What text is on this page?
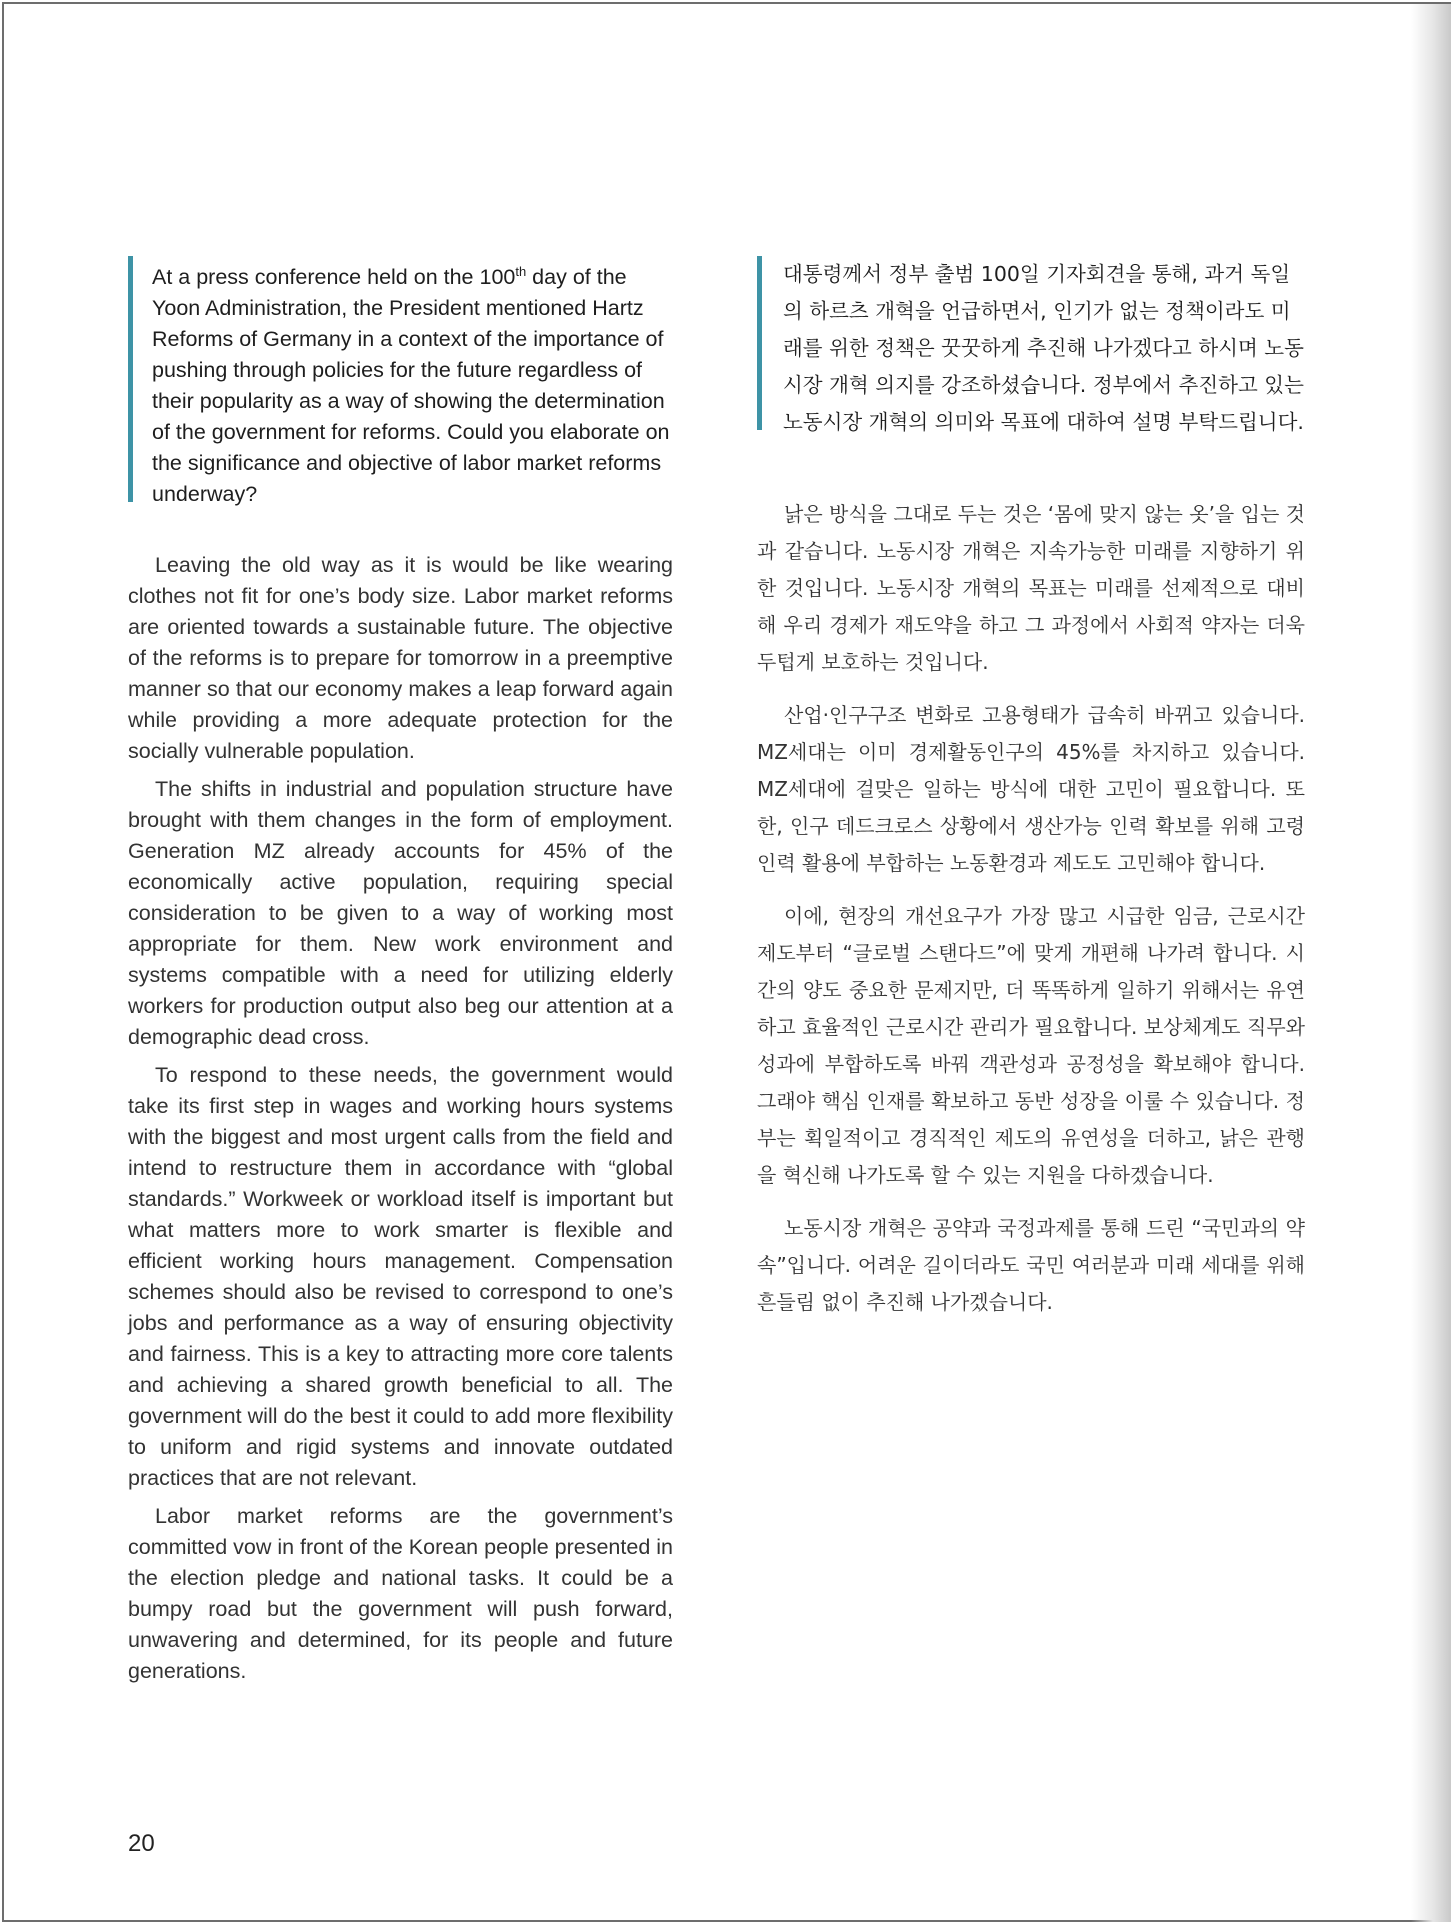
At a press conference held on the 100th day of the Yoon Administration, the President mentioned Hartz Reforms of Germany in a context of the importance of pushing through policies for the future regardless of their popularity as a way of showing the determination of the government for reforms. Could you elaborate on the significance and objective of labor market reforms underway?

대통령께서 정부 출범 100일 기자회견을 통해, 과거 독일의 하르츠 개혁을 언급하면서, 인기가 없는 정책이라도 미래를 위한 정책은 꿋꿋하게 추진해 나가겠다고 하시며 노동시장 개혁 의지를 강조하셨습니다. 정부에서 추진하고 있는 노동시장 개혁의 의미와 목표에 대하여 설명 부탁드립니다.

Leaving the old way as it is would be like wearing clothes not fit for one’s body size. Labor market reforms are oriented towards a sustainable future. The objective of the reforms is to prepare for tomorrow in a preemptive manner so that our economy makes a leap forward again while providing a more adequate protection for the socially vulnerable population.

The shifts in industrial and population structure have brought with them changes in the form of employment. Generation MZ already accounts for 45% of the economically active population, requiring special consideration to be given to a way of working most appropriate for them. New work environment and systems compatible with a need for utilizing elderly workers for production output also beg our attention at a demographic dead cross.

To respond to these needs, the government would take its first step in wages and working hours systems with the biggest and most urgent calls from the field and intend to restructure them in accordance with “global standards.” Workweek or workload itself is important but what matters more to work smarter is flexible and efficient working hours management. Compensation schemes should also be revised to correspond to one’s jobs and performance as a way of ensuring objectivity and fairness. This is a key to attracting more core talents and achieving a shared growth beneficial to all. The government will do the best it could to add more flexibility to uniform and rigid systems and innovate outdated practices that are not relevant.

Labor market reforms are the government’s committed vow in front of the Korean people presented in the election pledge and national tasks. It could be a bumpy road but the government will push forward, unwavering and determined, for its people and future generations.

낡은 방식을 그대로 두는 것은 ‘몸에 맞지 않는 옷’을 입는 것과 같습니다. 노동시장 개혁은 지속가능한 미래를 지향하기 위한 것입니다. 노동시장 개혁의 목표는 미래를 선제적으로 대비해 우리 경제가 재도약을 하고 그 과정에서 사회적 약자는 더욱 두텁게 보호하는 것입니다.

산업·인구구조 변화로 고용형태가 급속히 바뀌고 있습니다. MZ세대는 이미 경제활동인구의 45%를 차지하고 있습니다. MZ세대에 걸맞은 일하는 방식에 대한 고민이 필요합니다. 또한, 인구 데드크로스 상황에서 생산가능 인력 확보를 위해 고령인력 활용에 부합하는 노동환경과 제도도 고민해야 합니다.

이에, 현장의 개선요구가 가장 많고 시급한 임금, 근로시간 제도부터 “글로벌 스탠다드”에 맞게 개편해 나가려 합니다. 시간의 양도 중요한 문제지만, 더 똑똑하게 일하기 위해서는 유연하고 효율적인 근로시간 관리가 필요합니다. 보상체계도 직무와 성과에 부합하도록 바꿔 객관성과 공정성을 확보해야 합니다. 그래야 핵심 인재를 확보하고 동반 성장을 이룰 수 있습니다. 정부는 획일적이고 경직적인 제도의 유연성을 더하고, 낡은 관행을 혁신해 나가도록 할 수 있는 지원을 다하겠습니다.

노동시장 개혁은 공약과 국정과제를 통해 드린 “국민과의 약속”입니다. 어려운 길이더라도 국민 여러분과 미래 세대를 위해 흔들림 없이 추진해 나가겠습니다.

20
